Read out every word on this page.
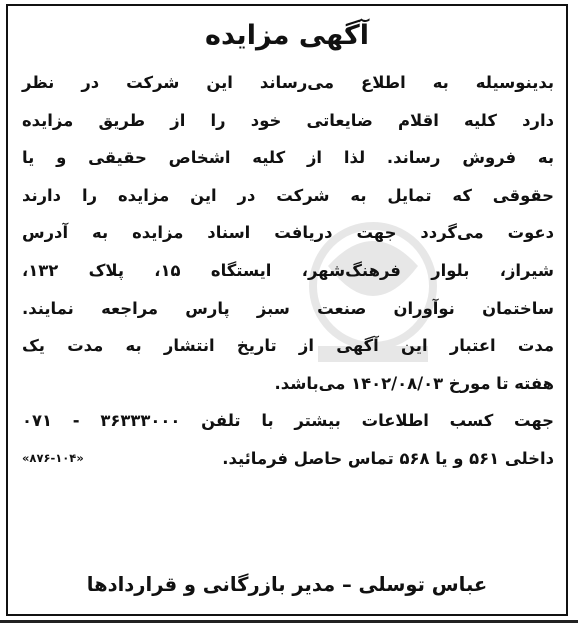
آگهی مزایده
بدینوسیله به اطلاع می‌رساند این شرکت در نظر
دارد کلیه اقلام ضایعاتی خود را از طریق مزایده
به فروش رساند. لذا از کلیه اشخاص حقیقی و یا
حقوقی که تمایل به شرکت در این مزایده را دارند
دعوت می‌گردد جهت دریافت اسناد مزایده به آدرس
شیراز، بلوار فرهنگ‌شهر، ایستگاه ۱۵، پلاک ۱۳۲،
ساختمان نوآوران صنعت سبز پارس مراجعه نمایند.
مدت اعتبار این آگهی از تاریخ انتشار به مدت یک
هفته تا مورخ ۱۴۰۲/۰۸/۰۳ می‌باشد.
جهت کسب اطلاعات بیشتر با تلفن ۳۶۳۳۳۰۰۰ - ۰۷۱
داخلی ۵۶۱ و یا ۵۶۸ تماس حاصل فرمائید.
«۸۷۶-۱۰۴»
عباس توسلی – مدیر بازرگانی و قراردادها
